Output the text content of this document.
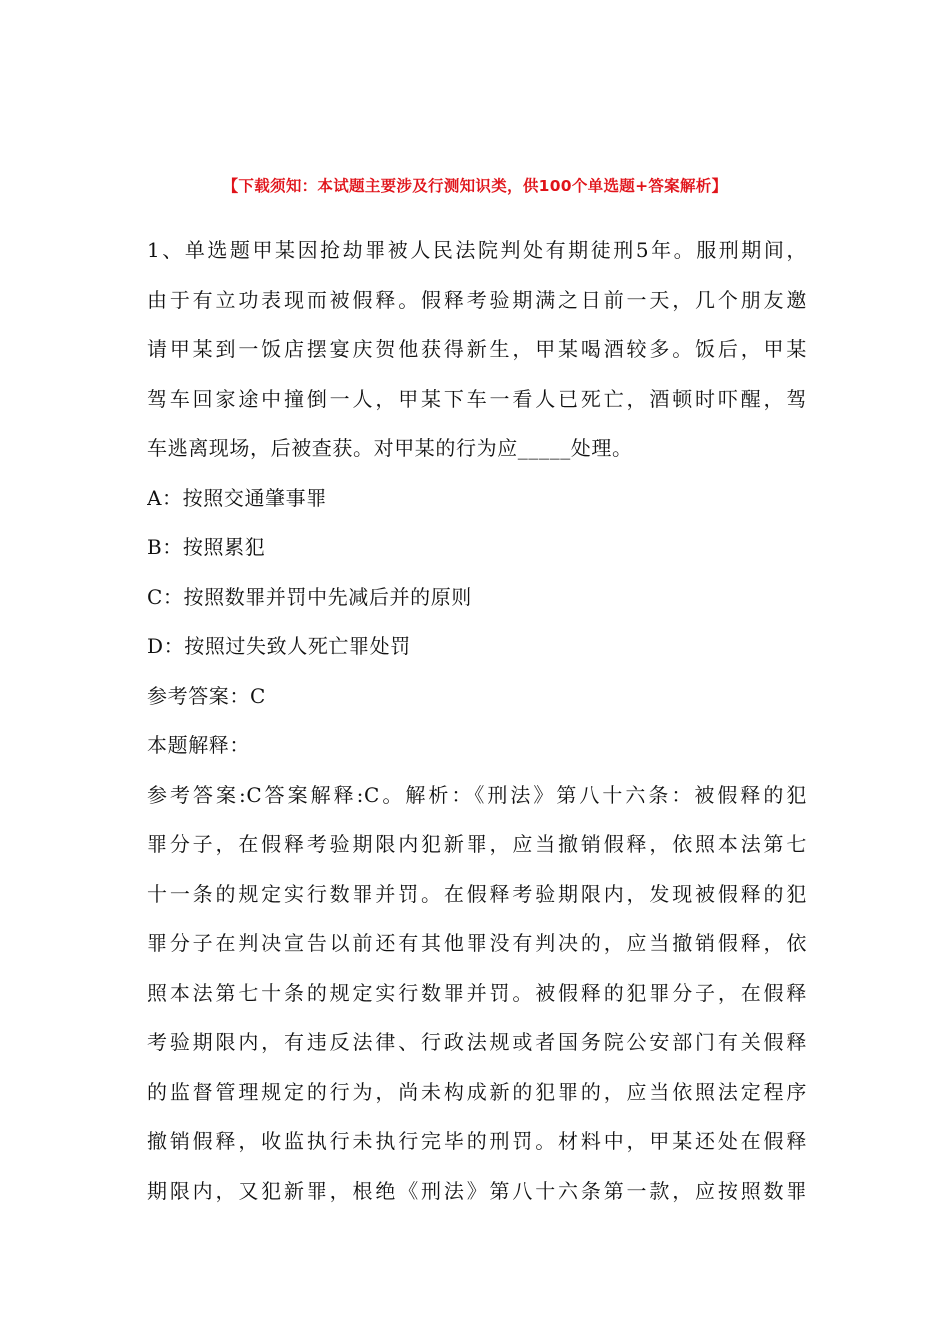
【下载须知：本试题主要涉及行测知识类，供100个单选题+答案解析】
1、单选题甲某因抢劫罪被人民法院判处有期徒刑5年。服刑期间，
由于有立功表现而被假释。假释考验期满之日前一天，几个朋友邀
请甲某到一饭店摆宴庆贺他获得新生，甲某喝酒较多。饭后，甲某
驾车回家途中撞倒一人，甲某下车一看人已死亡，酒顿时吓醒，驾
车逃离现场，后被查获。对甲某的行为应_____处理。
A：按照交通肇事罪
B：按照累犯
C：按照数罪并罚中先减后并的原则
D：按照过失致人死亡罪处罚
参考答案：C
本题解释：
参考答案:C答案解释:C。解析：《刑法》第八十六条：被假释的犯
罪分子，在假释考验期限内犯新罪，应当撤销假释，依照本法第七
十一条的规定实行数罪并罚。在假释考验期限内，发现被假释的犯
罪分子在判决宣告以前还有其他罪没有判决的，应当撤销假释，依
照本法第七十条的规定实行数罪并罚。被假释的犯罪分子，在假释
考验期限内，有违反法律、行政法规或者国务院公安部门有关假释
的监督管理规定的行为，尚未构成新的犯罪的，应当依照法定程序
撤销假释，收监执行未执行完毕的刑罚。材料中，甲某还处在假释
期限内，又犯新罪，根绝《刑法》第八十六条第一款，应按照数罪
